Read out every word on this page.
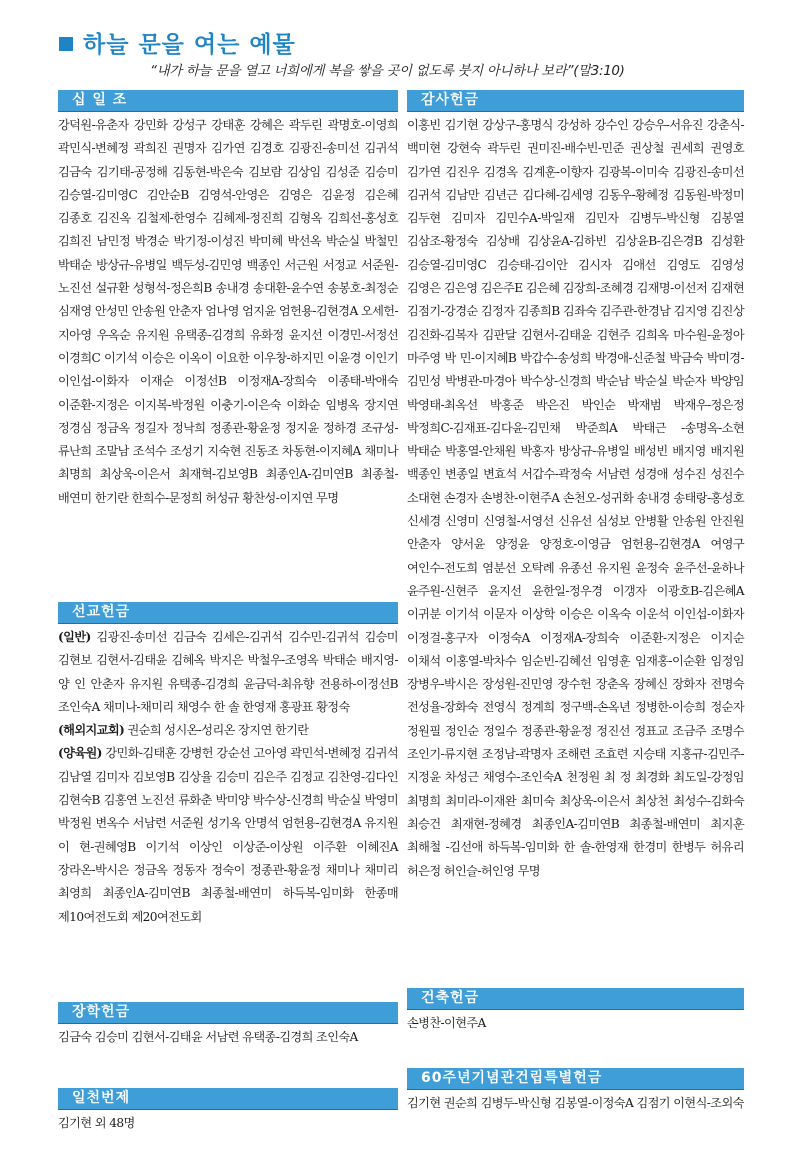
하늘 문을 여는 예물
“내가 하늘 문을 열고 너희에게 복을 쌓을 곳이 없도록 붓지 아니하나 보라”(말3:10)
십 일 조
강덕원-유춘자 강민화 강성구 강태훈 강혜은 곽두린 곽명호-이영희 곽민식-변혜정 곽희진 권명자 김가연 김경호 김광진-송미선 김귀석 김금숙 김기태-공정해 김동현-박은숙 김보람 김상임 김성준 김승미 김승열-김미영C 김안순B 김영석-안영은 김영은 김윤정 김은혜 김종호 김진옥 김철제-한영수 김혜제-정진희 김형옥 김희선-홍성호 김희진 남민정 박경순 박기정-이성진 박미혜 박선옥 박순실 박철민 박태순 방상규-유병일 백두성-김민영 백종인 서근원 서정교 서준원-노진선 설규환 성형석-정은희B 송내경 송대환-윤수연 송봉호-최정순 심재영 안성민 안송원 안춘자 엄나영 엄지윤 엄헌용-김현경A 오세헌-지아영 우옥순 유지원 유택종-김경희 유화정 윤지선 이경민-서정선 이경희C 이기석 이승은 이옥이 이요한 이우창-하지민 이윤경 이인기 이인섭-이화자 이재순 이정선B 이정재A-장희숙 이종태-박애숙 이준환-지정은 이지복-박정원 이충기-이은숙 이화순 임병옥 장지연 정경심 정금옥 정길자 정낙희 정종관-황윤정 정지윤 정하경 조규성-류난희 조말남 조석수 조성기 지숙현 진동조 차동현-이지혜A 채미나 최명희 최상욱-이은서 최재혁-김보영B 최종인A-김미연B 최종철-배연미 한기란 한희수-문정희 허성규 황찬성-이지연 무명
선교헌금
(일반) 김광진-송미선 김금숙 김세은-김귀석 김수민-김귀석 김승미 김현보 김현서-김태윤 김혜옥 박지은 박철우-조영옥 박태순 배지영-양 인 안춘자 유지원 유택종-김경희 윤금덕-최유향 전용하-이정선B 조인숙A 채미나-채미리 채영수 한 솔 한영재 홍광표 황정숙
(해외지교회) 권순희 성시온-성리온 장지연 한기란
(양육원) 강민화-김태훈 강병헌 강순선 고아영 곽민석-변혜정 김귀석 김남열 김미자 김보영B 김상율 김승미 김은주 김정교 김찬영-김다인 김현숙B 김홍연 노진선 류화춘 박미양 박수상-신경희 박순실 박영미 박정원 변옥수 서남련 서준원 성기옥 안명석 엄헌용-김현경A 유지원 이 현-권혜영B 이기석 이상인 이상준-이상원 이주환 이혜진A 장라온-박시은 정금옥 정동자 정숙이 정종관-황윤정 채미나 채미리 최영희 최종인A-김미연B 최종철-배연미 하득복-임미화 한종매 제10여전도회 제20여전도회
장학헌금
김금숙 김승미 김현서-김태윤 서남련 유택종-김경희 조인숙A
일천번제
김기현 외 48명
감사헌금
이홍빈 김기현 강상구-홍명식 강성하 강수인 강승우-서유진 강춘식-백미현 강현숙 곽두린 권미진-배수빈-민준 권상철 권세희 권영호 김가연 김진우 김경옥 김계훈-이향자 김광복-이미숙 김광진-송미선 김귀석 김남만 김년근 김다혜-김세영 김동우-황혜정 김동원-박정미 김두현 김미자 김민수A-박일재 김민자 김병두-박신형 김봉열 김삼조-황정숙 김상배 김상윤A-김하빈 김상윤B-김은경B 김성환 김승열-김미영C 김승태-김이안 김시자 김애선 김영도 김영성 김영은 김은영 김은주E 김은혜 김장희-조혜경 김재명-이선저 김재현 김점기-강경순 김정자 김종희B 김좌숙 김주관-한경남 김지영 김진상 김진화-김복자 김판달 김현서-김태윤 김현주 김희옥 마수원-윤정아 마주영 박 민-이지혜B 박갑수-송성희 박경애-신준철 박금숙 박미경-김민성 박병관-마경아 박수상-신경희 박순남 박순실 박순자 박양임 박영태-최옥선 박홍준 박은진 박인순 박재범 박재우-정은정 박정희C-김재표-김다윤-김민채 박준희A 박태근 -송명옥-소현 박태순 박홍열-안채원 박홍자 방상규-유병일 배성빈 배지영 배지원 백종인 변종일 변효석 서갑수-곽정숙 서남련 성경애 성수진 성진수 소대현 손경자 손병찬-이현주A 손천오-성귀화 송내경 송태랑-홍성호 신세경 신영미 신영철-서영선 신유선 심성보 안병활 안송원 안진원 안춘자 양서윤 양정윤 양정호-이영금 엄헌용-김현경A 여영구 여인수-전도희 염분선 오탁례 유종선 유지원 윤정숙 윤주선-윤하나 윤주원-신현주 윤지선 윤한일-정우경 이갱자 이광호B-김은혜A 이귀분 이기석 이문자 이상학 이승은 이옥숙 이운석 이인섭-이화자 이정걸-홍구자 이정숙A 이정재A-장희숙 이준환-지정은 이지순 이채석 이홍열-박차수 임순빈-김혜선 임영훈 임재홍-이순환 임정임 장병우-박시은 장성원-진민영 장수헌 장춘옥 장혜신 장화자 전명숙 전성율-장화숙 전영식 정계희 정구백-손옥년 정병한-이승희 정순자 정원필 정인순 정일수 정종관-황윤정 정진선 정표교 조금주 조명수 조인기-류지현 조정남-곽명자 조해련 조효련 지승태 지홍규-김민주-지정윤 차성근 채영수-조인숙A 천정원 최 정 최경화 최도일-강정임 최명희 최미라-이재완 최미숙 최상욱-이은서 최상천 최성수-김화숙 최승건 최재현-정혜경 최종인A-김미연B 최종철-배연미 최지훈 최해철 -김선애 하득복-임미화 한 솔-한영재 한경미 한병두 허유리 허은정 허인슬-허인영 무명
건축헌금
손병찬-이현주A
60주년기념관건립특별헌금
김기현 권순희 김병두-박신형 김봉열-이정숙A 김점기 이현식-조외숙
